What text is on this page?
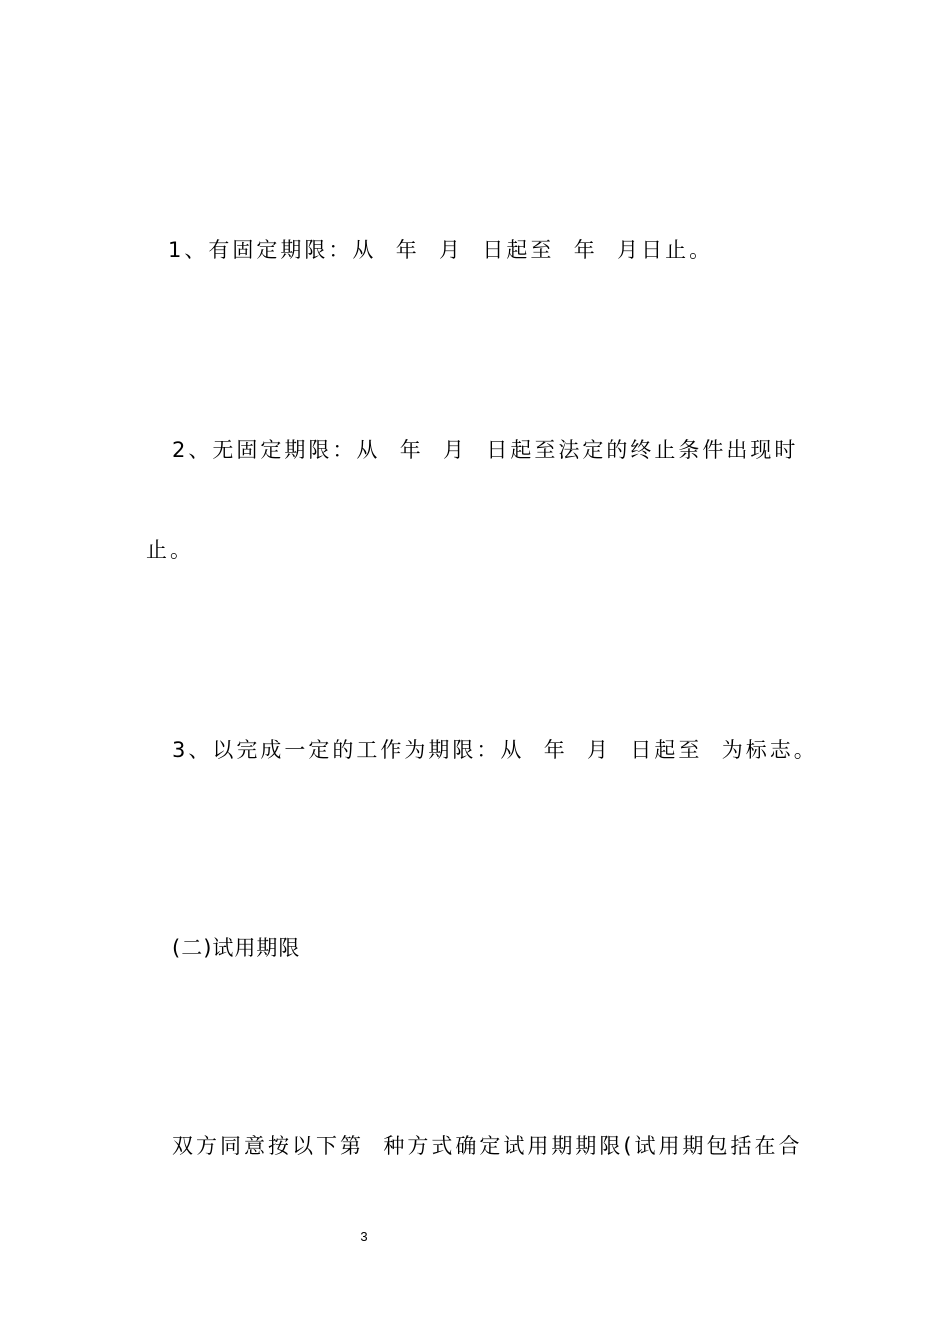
1、有固定期限：从  年  月  日起至  年  月日止。
2、无固定期限：从  年  月  日起至法定的终止条件出现时
止。
3、以完成一定的工作为期限：从  年  月  日起至  为标志。
(二)试用期限
双方同意按以下第  种方式确定试用期期限(试用期包括在合
3
